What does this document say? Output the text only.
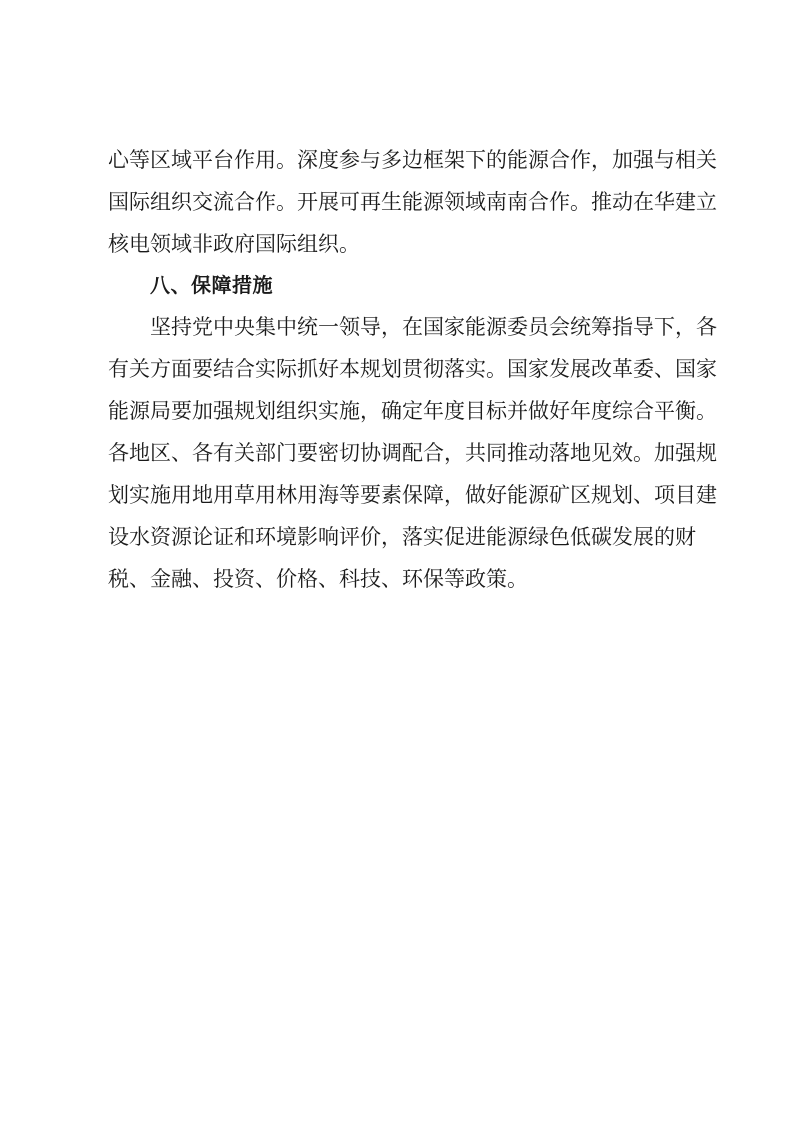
心等区域平台作用。深度参与多边框架下的能源合作，加强与相关
国际组织交流合作。开展可再生能源领域南南合作。推动在华建立
核电领域非政府国际组织。
八、保障措施
坚持党中央集中统一领导，在国家能源委员会统筹指导下，各
有关方面要结合实际抓好本规划贯彻落实。国家发展改革委、国家
能源局要加强规划组织实施，确定年度目标并做好年度综合平衡。
各地区、各有关部门要密切协调配合，共同推动落地见效。加强规
划实施用地用草用林用海等要素保障，做好能源矿区规划、项目建
设水资源论证和环境影响评价，落实促进能源绿色低碳发展的财
税、金融、投资、价格、科技、环保等政策。
